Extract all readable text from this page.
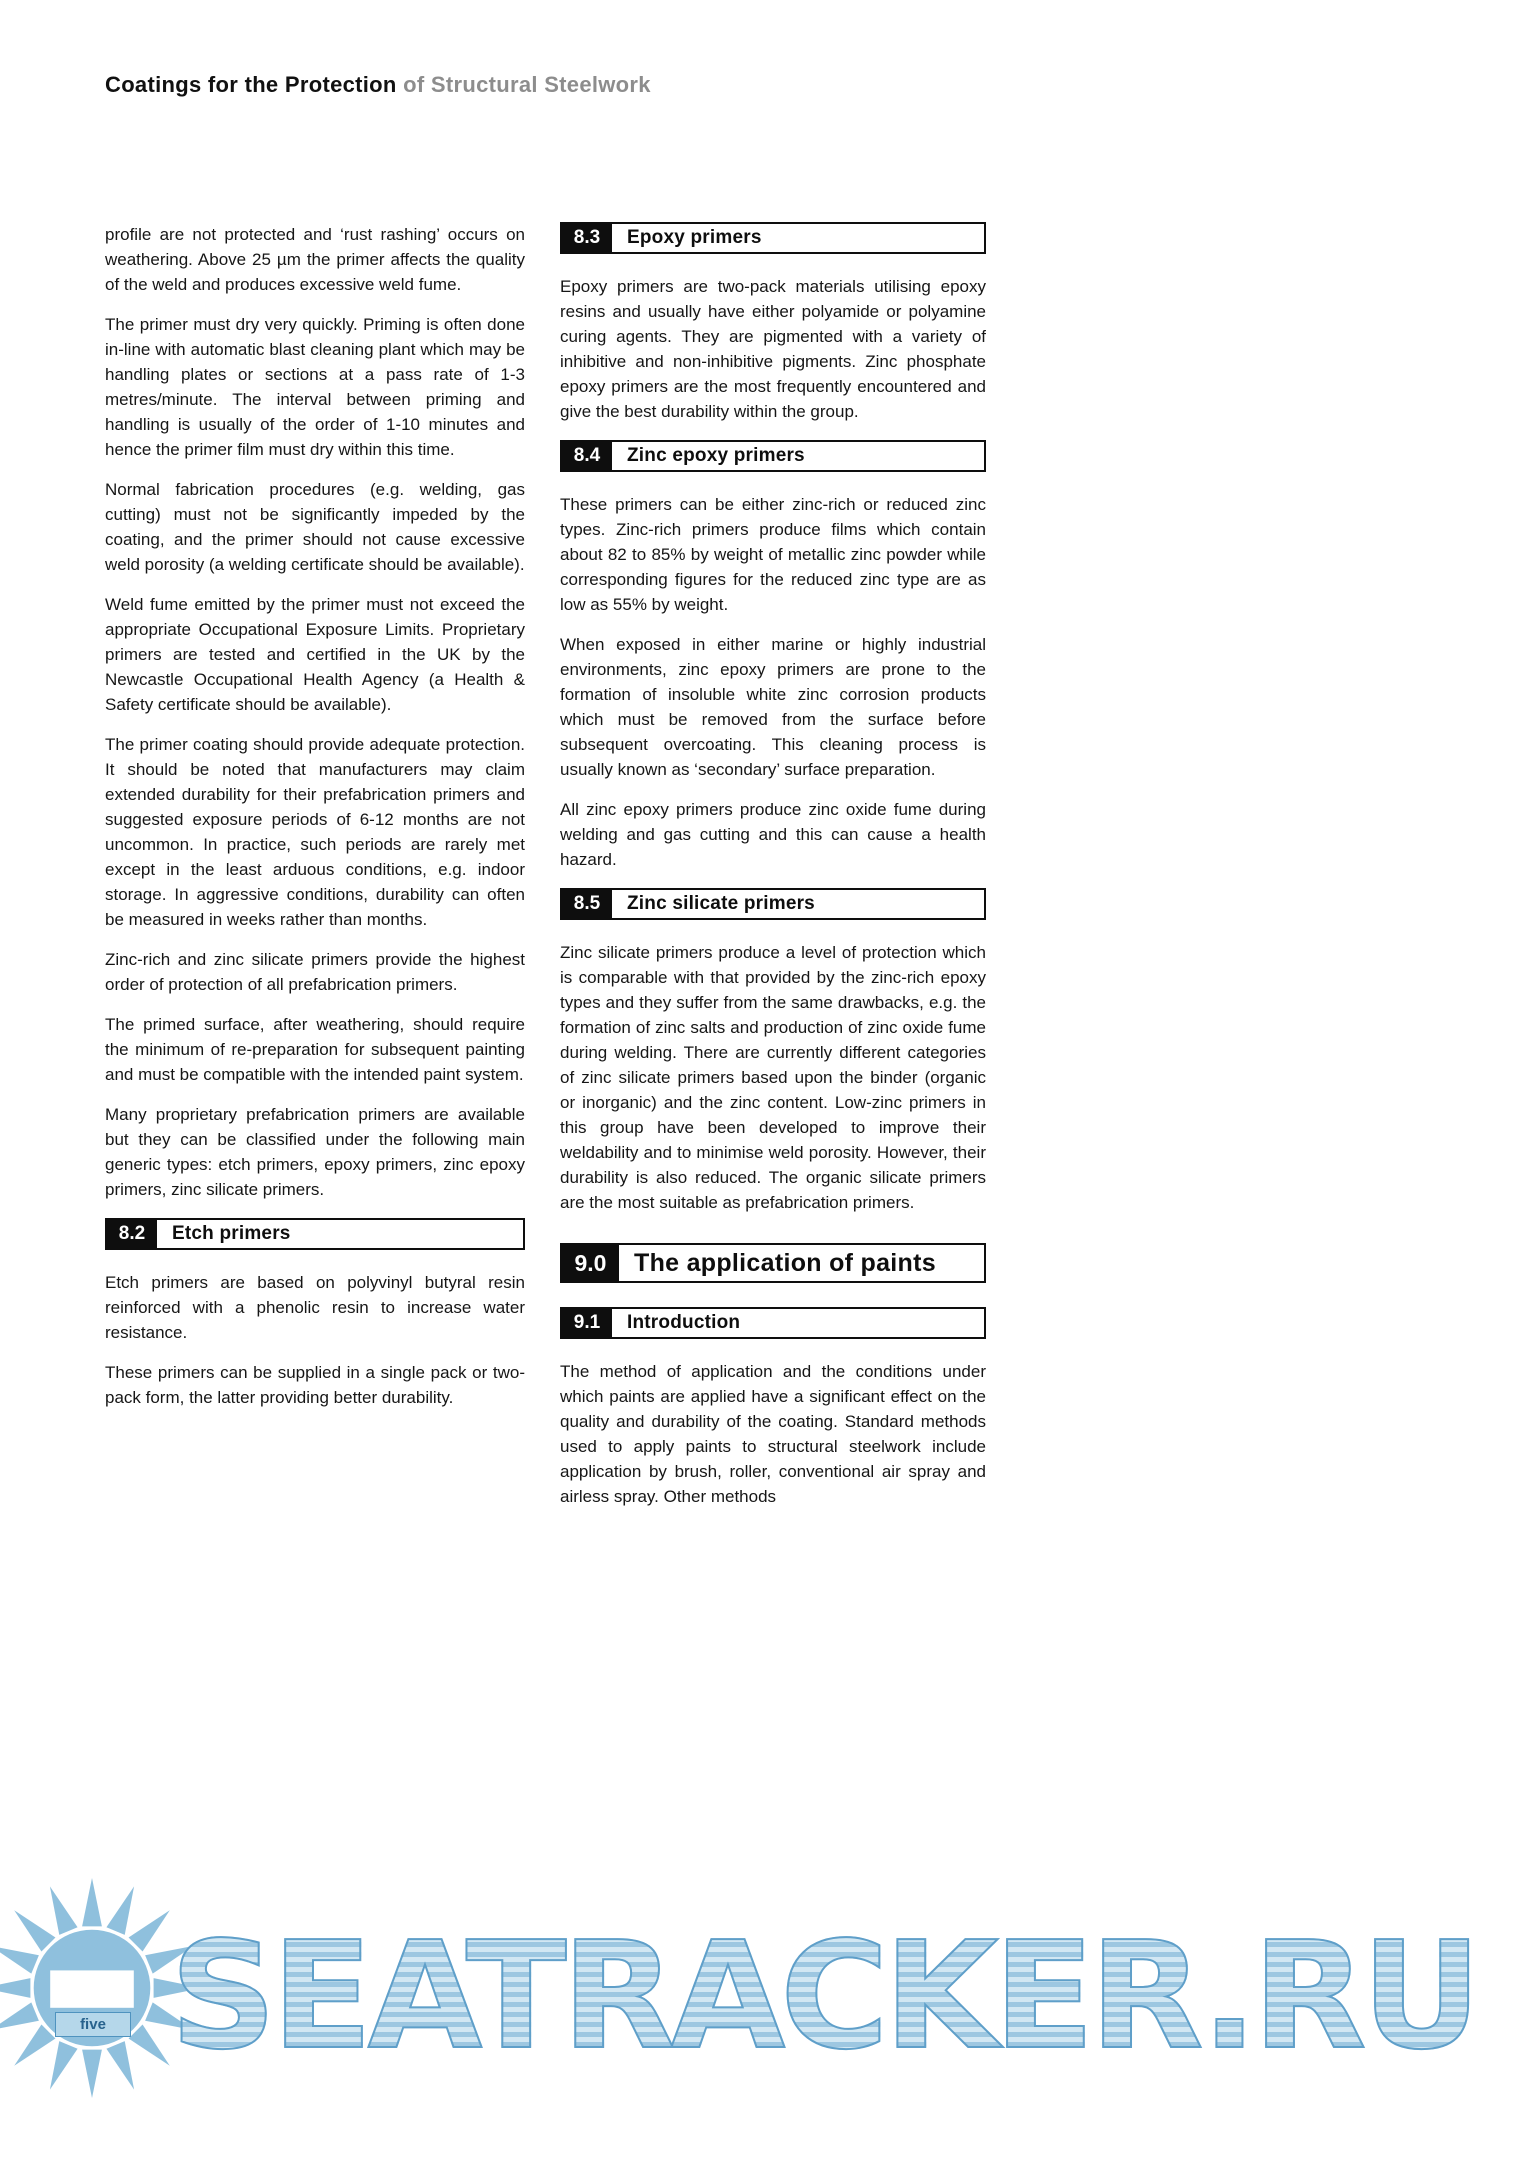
Coatings for the Protection of Structural Steelwork

profile are not protected and ‘rust rashing’ occurs on weathering. Above 25 µm the primer affects the quality of the weld and produces excessive weld fume.

The primer must dry very quickly. Priming is often done in-line with automatic blast cleaning plant which may be handling plates or sections at a pass rate of 1-3 metres/minute. The interval between priming and handling is usually of the order of 1-10 minutes and hence the primer film must dry within this time.

Normal fabrication procedures (e.g. welding, gas cutting) must not be significantly impeded by the coating, and the primer should not cause excessive weld porosity (a welding certificate should be available).

Weld fume emitted by the primer must not exceed the appropriate Occupational Exposure Limits. Proprietary primers are tested and certified in the UK by the Newcastle Occupational Health Agency (a Health & Safety certificate should be available).

The primer coating should provide adequate protection. It should be noted that manufacturers may claim extended durability for their prefabrication primers and suggested exposure periods of 6-12 months are not uncommon. In practice, such periods are rarely met except in the least arduous conditions, e.g. indoor storage. In aggressive conditions, durability can often be measured in weeks rather than months.

Zinc-rich and zinc silicate primers provide the highest order of protection of all prefabrication primers.

The primed surface, after weathering, should require the minimum of re-preparation for subsequent painting and must be compatible with the intended paint system.

Many proprietary prefabrication primers are available but they can be classified under the following main generic types: etch primers, epoxy primers, zinc epoxy primers, zinc silicate primers.

8.2	Etch primers

Etch primers are based on polyvinyl butyral resin reinforced with a phenolic resin to increase water resistance.

These primers can be supplied in a single pack or two-pack form, the latter providing better durability.

8.3	Epoxy primers

Epoxy primers are two-pack materials utilising epoxy resins and usually have either polyamide or polyamine curing agents. They are pigmented with a variety of inhibitive and non-inhibitive pigments. Zinc phosphate epoxy primers are the most frequently encountered and give the best durability within the group.

8.4	Zinc epoxy primers

These primers can be either zinc-rich or reduced zinc types. Zinc-rich primers produce films which contain about 82 to 85% by weight of metallic zinc powder while corresponding figures for the reduced zinc type are as low as 55% by weight.

When exposed in either marine or highly industrial environments, zinc epoxy primers are prone to the formation of insoluble white zinc corrosion products which must be removed from the surface before subsequent overcoating. This cleaning process is usually known as ‘secondary’ surface preparation.

All zinc epoxy primers produce zinc oxide fume during welding and gas cutting and this can cause a health hazard.

8.5	Zinc silicate primers

Zinc silicate primers produce a level of protection which is comparable with that provided by the zinc-rich epoxy types and they suffer from the same drawbacks, e.g. the formation of zinc salts and production of zinc oxide fume during welding. There are currently different categories of zinc silicate primers based upon the binder (organic or inorganic) and the zinc content. Low-zinc primers in this group have been developed to improve their weldability and to minimise weld porosity. However, their durability is also reduced. The organic silicate primers are the most suitable as prefabrication primers.

9.0	The application of paints
9.1	Introduction

The method of application and the conditions under which paints are applied have a significant effect on the quality and durability of the coating. Standard methods used to apply paints to structural steelwork include application by brush, roller, conventional air spray and airless spray. Other methods

SEATRACKER.RU
five
